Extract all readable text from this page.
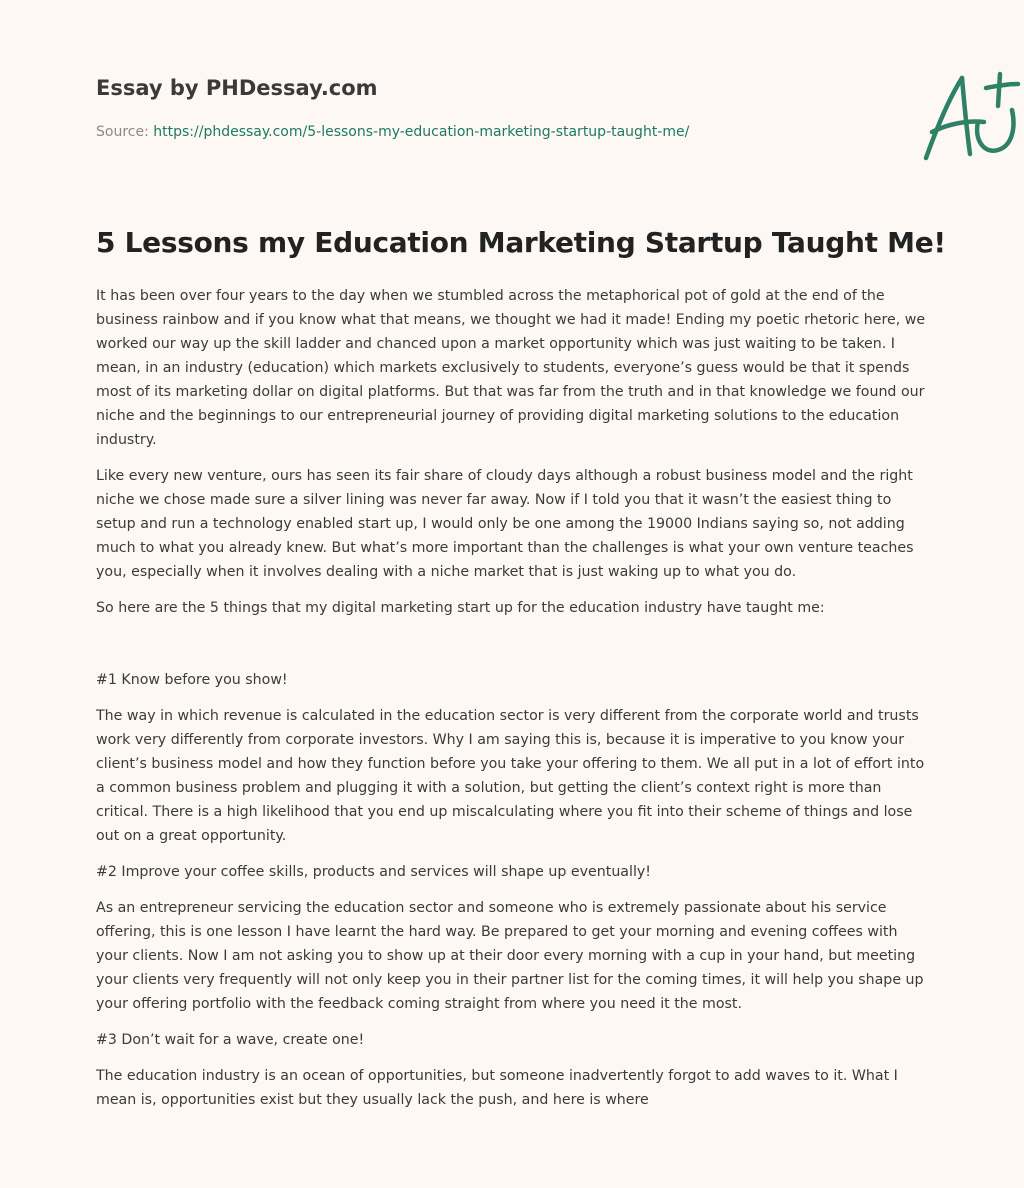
Essay by PHDessay.com
Source: https://phdessay.com/5-lessons-my-education-marketing-startup-taught-me/
5 Lessons my Education Marketing Startup Taught Me!

It has been over four years to the day when we stumbled across the metaphorical pot of gold at the end of the business rainbow and if you know what that means, we thought we had it made! Ending my poetic rhetoric here, we worked our way up the skill ladder and chanced upon a market opportunity which was just waiting to be taken. I mean, in an industry (education) which markets exclusively to students, everyone’s guess would be that it spends most of its marketing dollar on digital platforms. But that was far from the truth and in that knowledge we found our niche and the beginnings to our entrepreneurial journey of providing digital marketing solutions to the education industry.

Like every new venture, ours has seen its fair share of cloudy days although a robust business model and the right niche we chose made sure a silver lining was never far away. Now if I told you that it wasn’t the easiest thing to setup and run a technology enabled start up, I would only be one among the 19000 Indians saying so, not adding much to what you already knew. But what’s more important than the challenges is what your own venture teaches you, especially when it involves dealing with a niche market that is just waking up to what you do.

So here are the 5 things that my digital marketing start up for the education industry have taught me:

#1 Know before you show!

The way in which revenue is calculated in the education sector is very different from the corporate world and trusts work very differently from corporate investors. Why I am saying this is, because it is imperative to you know your client’s business model and how they function before you take your offering to them. We all put in a lot of effort into a common business problem and plugging it with a solution, but getting the client’s context right is more than critical. There is a high likelihood that you end up miscalculating where you fit into their scheme of things and lose out on a great opportunity.

#2 Improve your coffee skills, products and services will shape up eventually!

As an entrepreneur servicing the education sector and someone who is extremely passionate about his service offering, this is one lesson I have learnt the hard way. Be prepared to get your morning and evening coffees with your clients. Now I am not asking you to show up at their door every morning with a cup in your hand, but meeting your clients very frequently will not only keep you in their partner list for the coming times, it will help you shape up your offering portfolio with the feedback coming straight from where you need it the most.

#3 Don’t wait for a wave, create one!

The education industry is an ocean of opportunities, but someone inadvertently forgot to add waves to it. What I mean is, opportunities exist but they usually lack the push, and here is where
